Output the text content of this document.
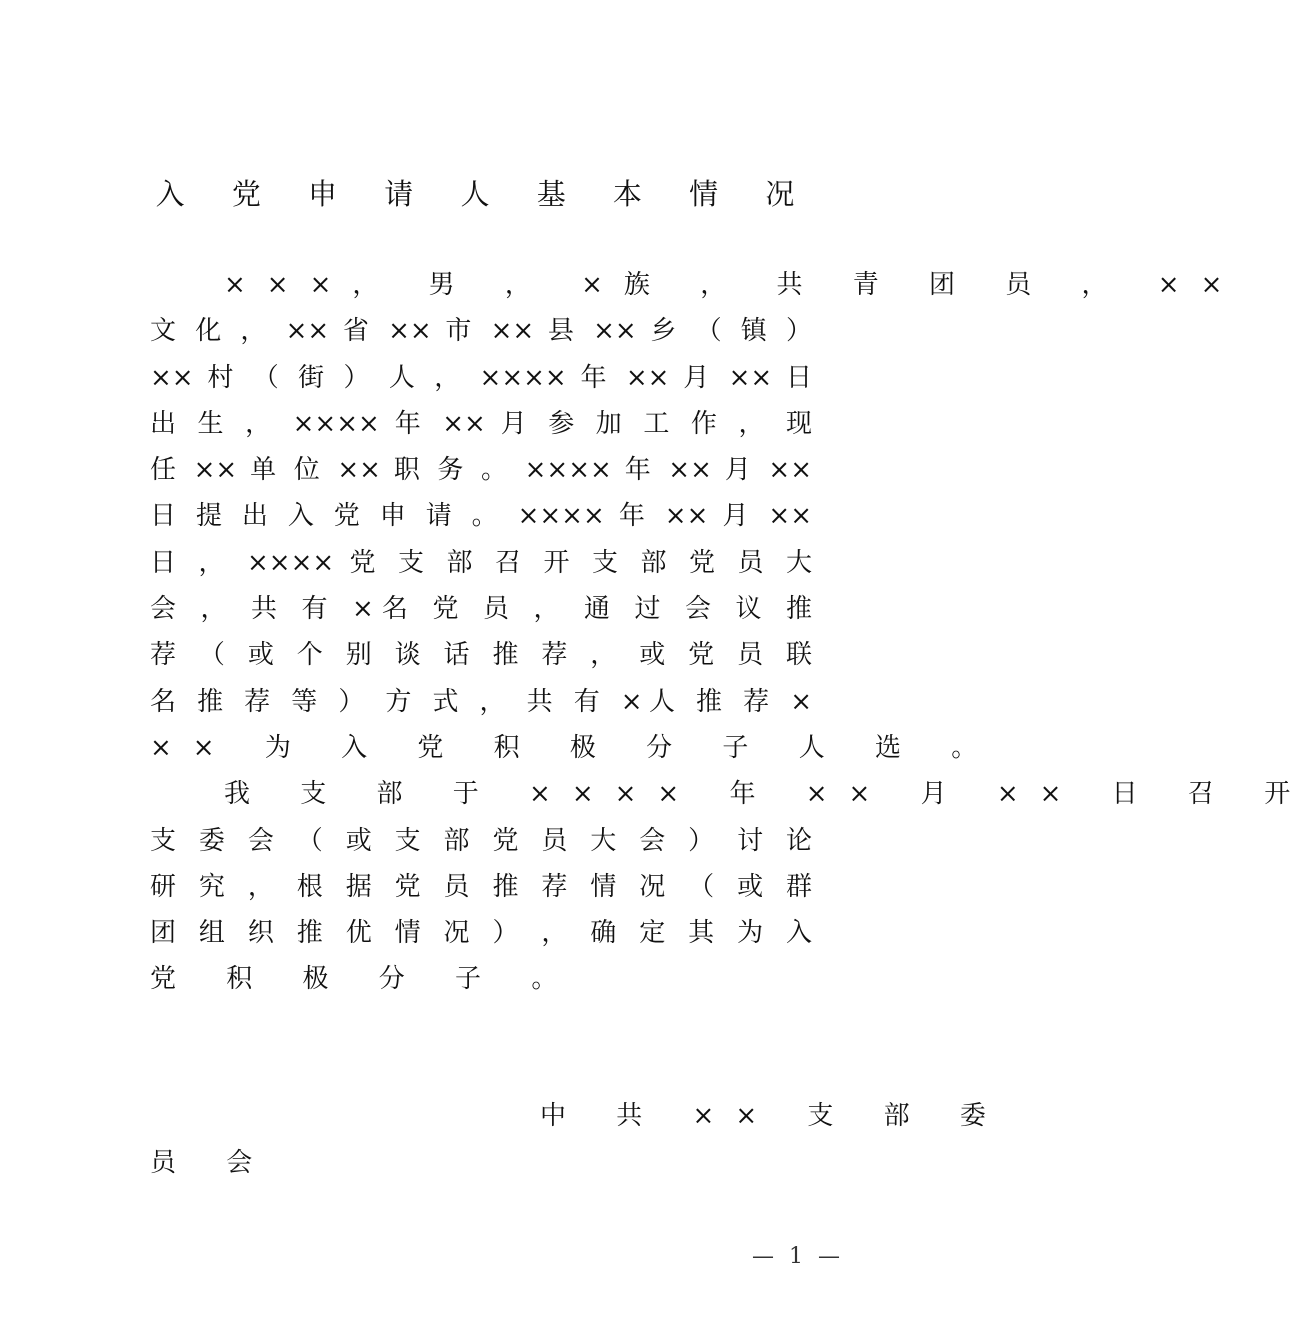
入 党 申 请 人 基 本 情 况
×××， 男 ， ×族 ， 共 青 团 员 ， ××
文 化 ， ×× 省 ×× 市 ×× 县 ×× 乡 （ 镇 ）
×× 村 （ 街 ） 人 ， ×××× 年 ×× 月 ×× 日
出 生 ， ×××× 年 ×× 月 参 加 工 作 ， 现
任 ×× 单 位 ×× 职 务 。 ×××× 年 ×× 月 ××
日 提 出 入 党 申 请 。 ×××× 年 ×× 月 ××
日 ， ×××× 党 支 部 召 开 支 部 党 员 大
会 ， 共 有 ×名 党 员 ， 通 过 会 议 推
荐 （ 或 个 别 谈 话 推 荐 ， 或 党 员 联
名 推 荐 等 ） 方 式 ， 共 有 ×人 推 荐 ×
×× 为 入 党 积 极 分 子 人 选 。
我 支 部 于 ×××× 年 ×× 月 ×× 日 召 开
支 委 会 （ 或 支 部 党 员 大 会 ） 讨 论
研 究 ， 根 据 党 员 推 荐 情 况 （ 或 群
团 组 织 推 优 情 况 ） ， 确 定 其 为 入
党 积 极 分 子 。
中 共 ×× 支 部 委
员 会
— 1 —
